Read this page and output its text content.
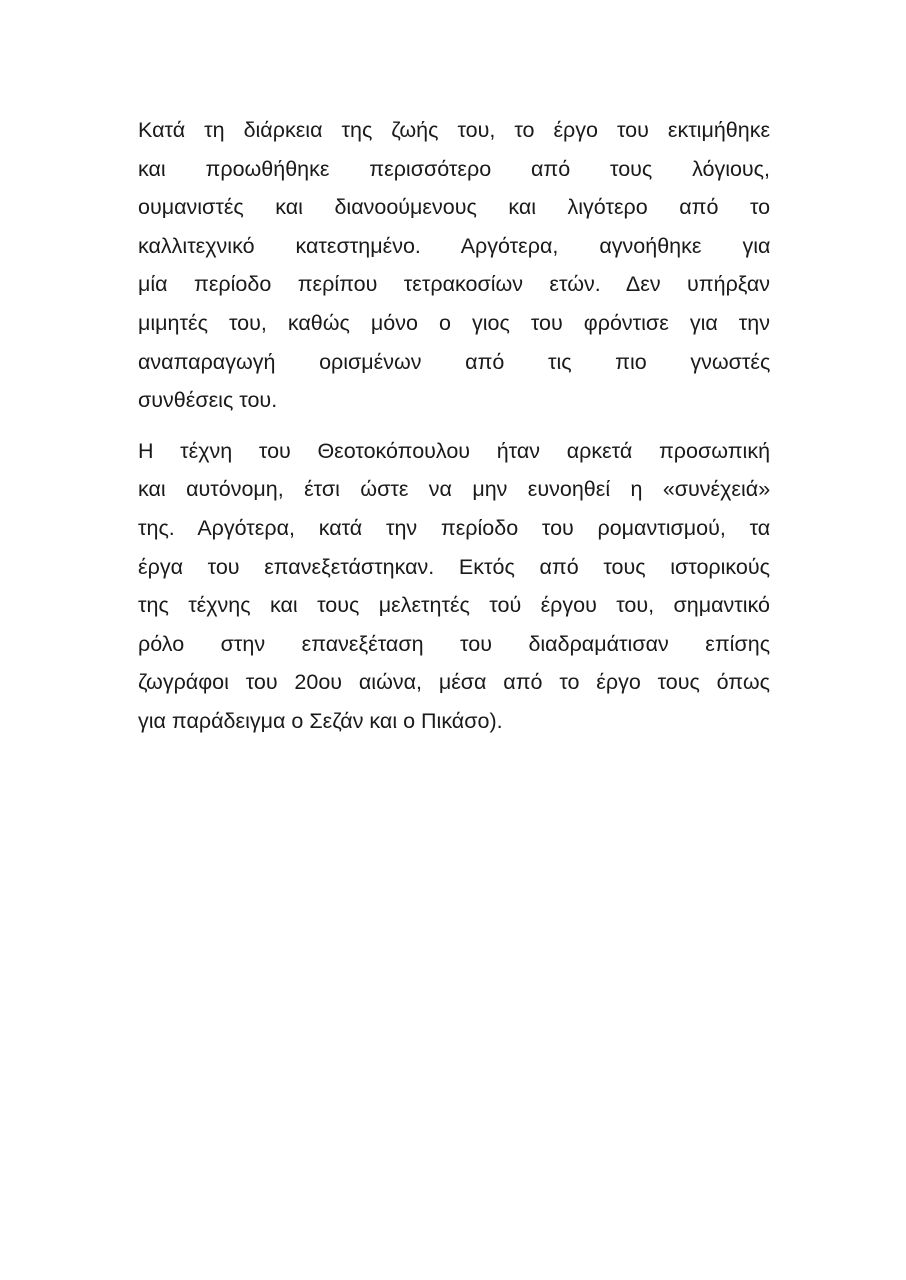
Κατά τη διάρκεια της ζωής του, το έργο του εκτιμήθηκε
και προωθήθηκε περισσότερο από τους λόγιους,
ουμανιστές και διανοούμενους και λιγότερο από το
καλλιτεχνικό κατεστημένο. Αργότερα, αγνοήθηκε για
μία περίοδο περίπου τετρακοσίων ετών. Δεν υπήρξαν
μιμητές του, καθώς μόνο ο γιος του φρόντισε για την
αναπαραγωγή ορισμένων από τις πιο γνωστές
συνθέσεις του.

Η τέχνη του Θεοτοκόπουλου ήταν αρκετά προσωπική
και αυτόνομη, έτσι ώστε να μην ευνοηθεί η «συνέχειά»
της. Αργότερα, κατά την περίοδο του ρομαντισμού, τα
έργα του επανεξετάστηκαν. Εκτός από τους ιστορικούς
της τέχνης και τους μελετητές τού έργου του, σημαντικό
ρόλο στην επανεξέταση του διαδραμάτισαν επίσης
ζωγράφοι του 20ου αιώνα, μέσα από το έργο τους όπως
για παράδειγμα ο Σεζάν και ο Πικάσο).
